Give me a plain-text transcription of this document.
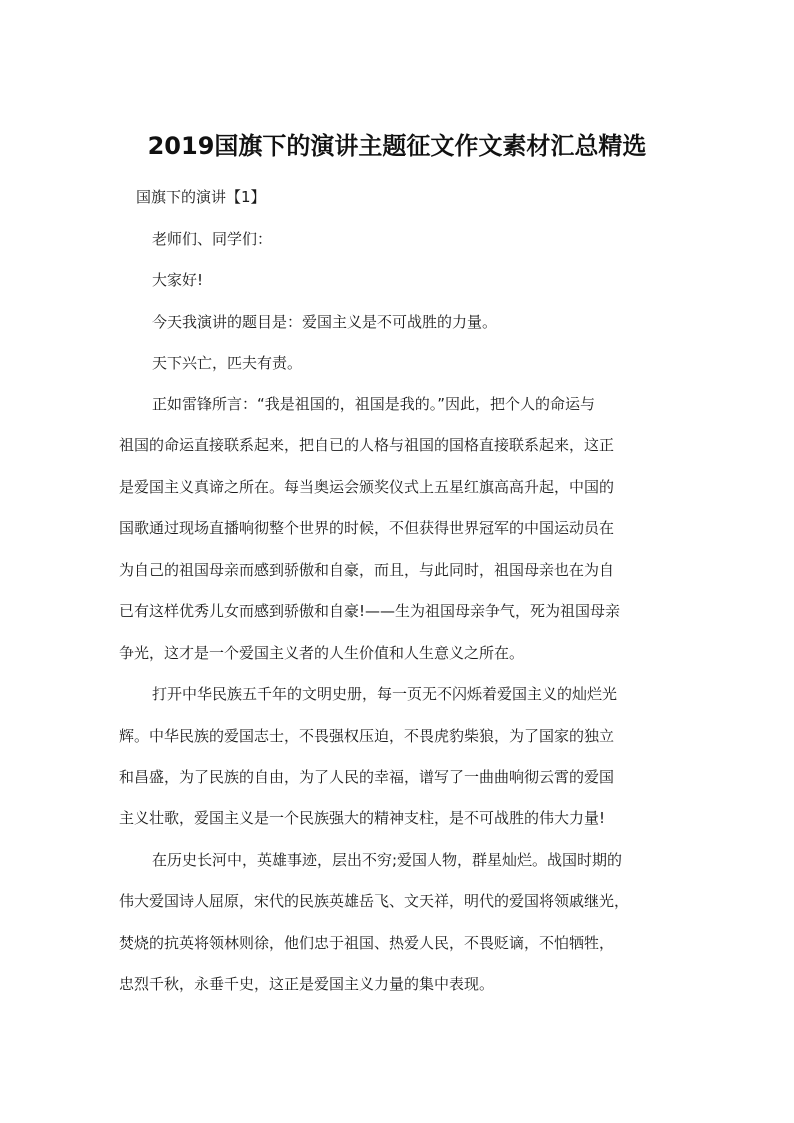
2019国旗下的演讲主题征文作文素材汇总精选
国旗下的演讲【1】
老师们、同学们：
大家好!
今天我演讲的题目是：爱国主义是不可战胜的力量。
天下兴亡，匹夫有责。
正如雷锋所言：“我是祖国的，祖国是我的。”因此，把个人的命运与
祖国的命运直接联系起来，把自已的人格与祖国的国格直接联系起来，这正
是爱国主义真谛之所在。每当奥运会颁奖仪式上五星红旗高高升起，中国的
国歌通过现场直播响彻整个世界的时候，不但获得世界冠军的中国运动员在
为自己的祖国母亲而感到骄傲和自豪，而且，与此同时，祖国母亲也在为自
已有这样优秀儿女而感到骄傲和自豪!——生为祖国母亲争气，死为祖国母亲
争光，这才是一个爱国主义者的人生价值和人生意义之所在。
打开中华民族五千年的文明史册，每一页无不闪烁着爱国主义的灿烂光
辉。中华民族的爱国志士，不畏强权压迫，不畏虎豹柴狼，为了国家的独立
和昌盛，为了民族的自由，为了人民的幸福，谱写了一曲曲响彻云霄的爱国
主义壮歌，爱国主义是一个民族强大的精神支柱，是不可战胜的伟大力量!
在历史长河中，英雄事迹，层出不穷;爱国人物，群星灿烂。战国时期的
伟大爱国诗人屈原，宋代的民族英雄岳飞、文天祥，明代的爱国将领戚继光，
焚烧的抗英将领林则徐，他们忠于祖国、热爱人民，不畏贬谪，不怕牺牲，
忠烈千秋，永垂千史，这正是爱国主义力量的集中表现。
